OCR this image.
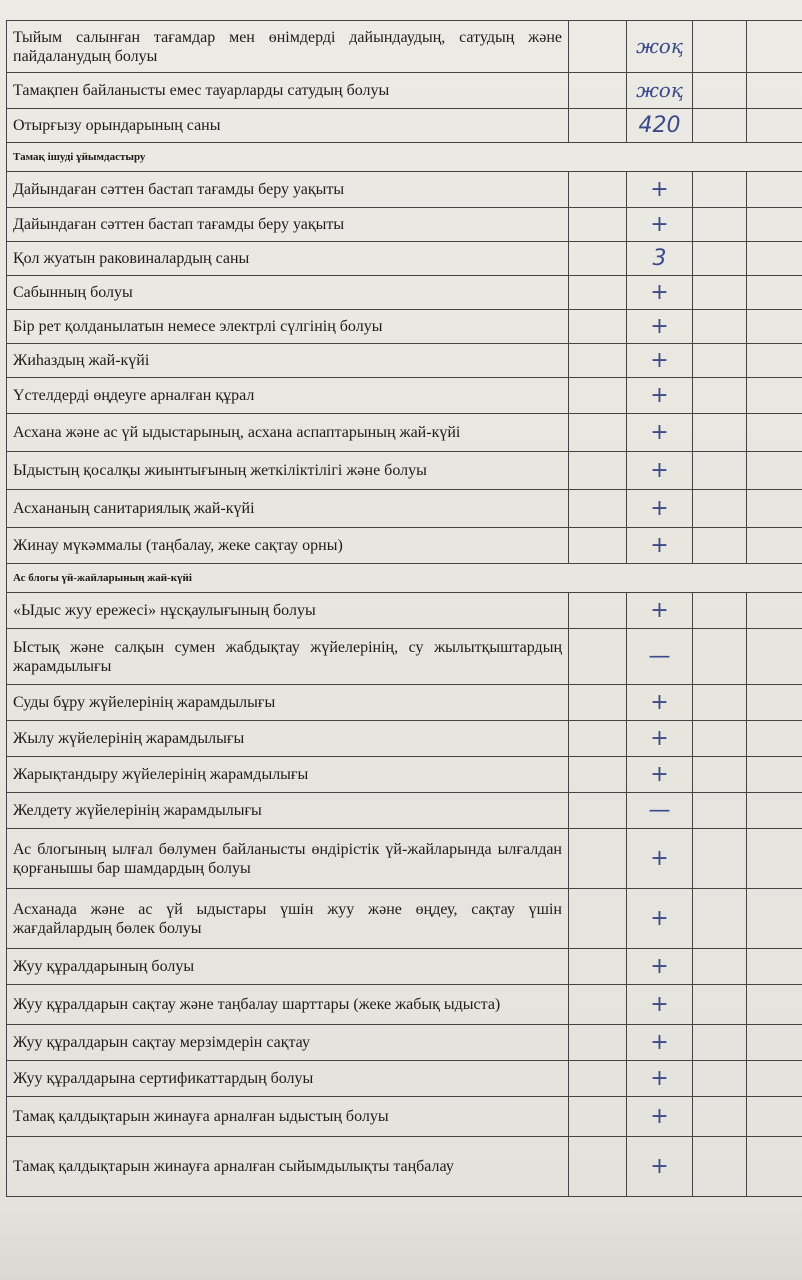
Тыйым салынған тағамдар мен өнімдерді дайындаудың, сатудың және пайдаланудың болуы		жоқ		
Тамақпен байланысты емес тауарларды сатудың болуы		жоқ		
Отырғызу орындарының саны		420		
Тамақ ішуді ұйымдастыру				
Дайындаған сәттен бастап тағамды беру уақыты		+		
Дайындаған сәттен бастап тағамды беру уақыты		+		
Қол жуатын раковиналардың саны		3		
Сабынның болуы		+		
Бір рет қолданылатын немесе электрлі сүлгінің болуы		+		
Жиһаздың жай-күйі		+		
Үстелдерді өңдеуге арналған құрал		+		
Асхана және ас үй ыдыстарының, асхана аспаптарының жай-күйі		+		
Ыдыстың қосалқы жиынтығының жеткіліктілігі және болуы		+		
Асхананың санитариялық жай-күйі		+		
Жинау мүкәммалы (таңбалау, жеке сақтау орны)		+		
Ас блогы үй-жайларының жай-күйі				
«Ыдыс жуу ережесі» нұсқаулығының болуы		+		
Ыстық және салқын сумен жабдықтау жүйелерінің, су жылытқыштардың жарамдылығы		—		
Суды бұру жүйелерінің жарамдылығы		+		
Жылу жүйелерінің жарамдылығы		+		
Жарықтандыру жүйелерінің жарамдылығы		+		
Желдету жүйелерінің жарамдылығы		—		
Ас блогының ылғал бөлумен байланысты өндірістік үй-жайларында ылғалдан қорғанышы бар шамдардың болуы		+		
Асханада және ас үй ыдыстары үшін жуу және өңдеу, сақтау үшін жағдайлардың бөлек болуы		+		
Жуу құралдарының болуы		+		
Жуу құралдарын сақтау және таңбалау шарттары (жеке жабық ыдыста)		+		
Жуу құралдарын сақтау мерзімдерін сақтау		+		
Жуу құралдарына сертификаттардың болуы		+		
Тамақ қалдықтарын жинауға арналған ыдыстың болуы		+		
Тамақ қалдықтарын жинауға арналған сыйымдылықты таңбалау		+		
